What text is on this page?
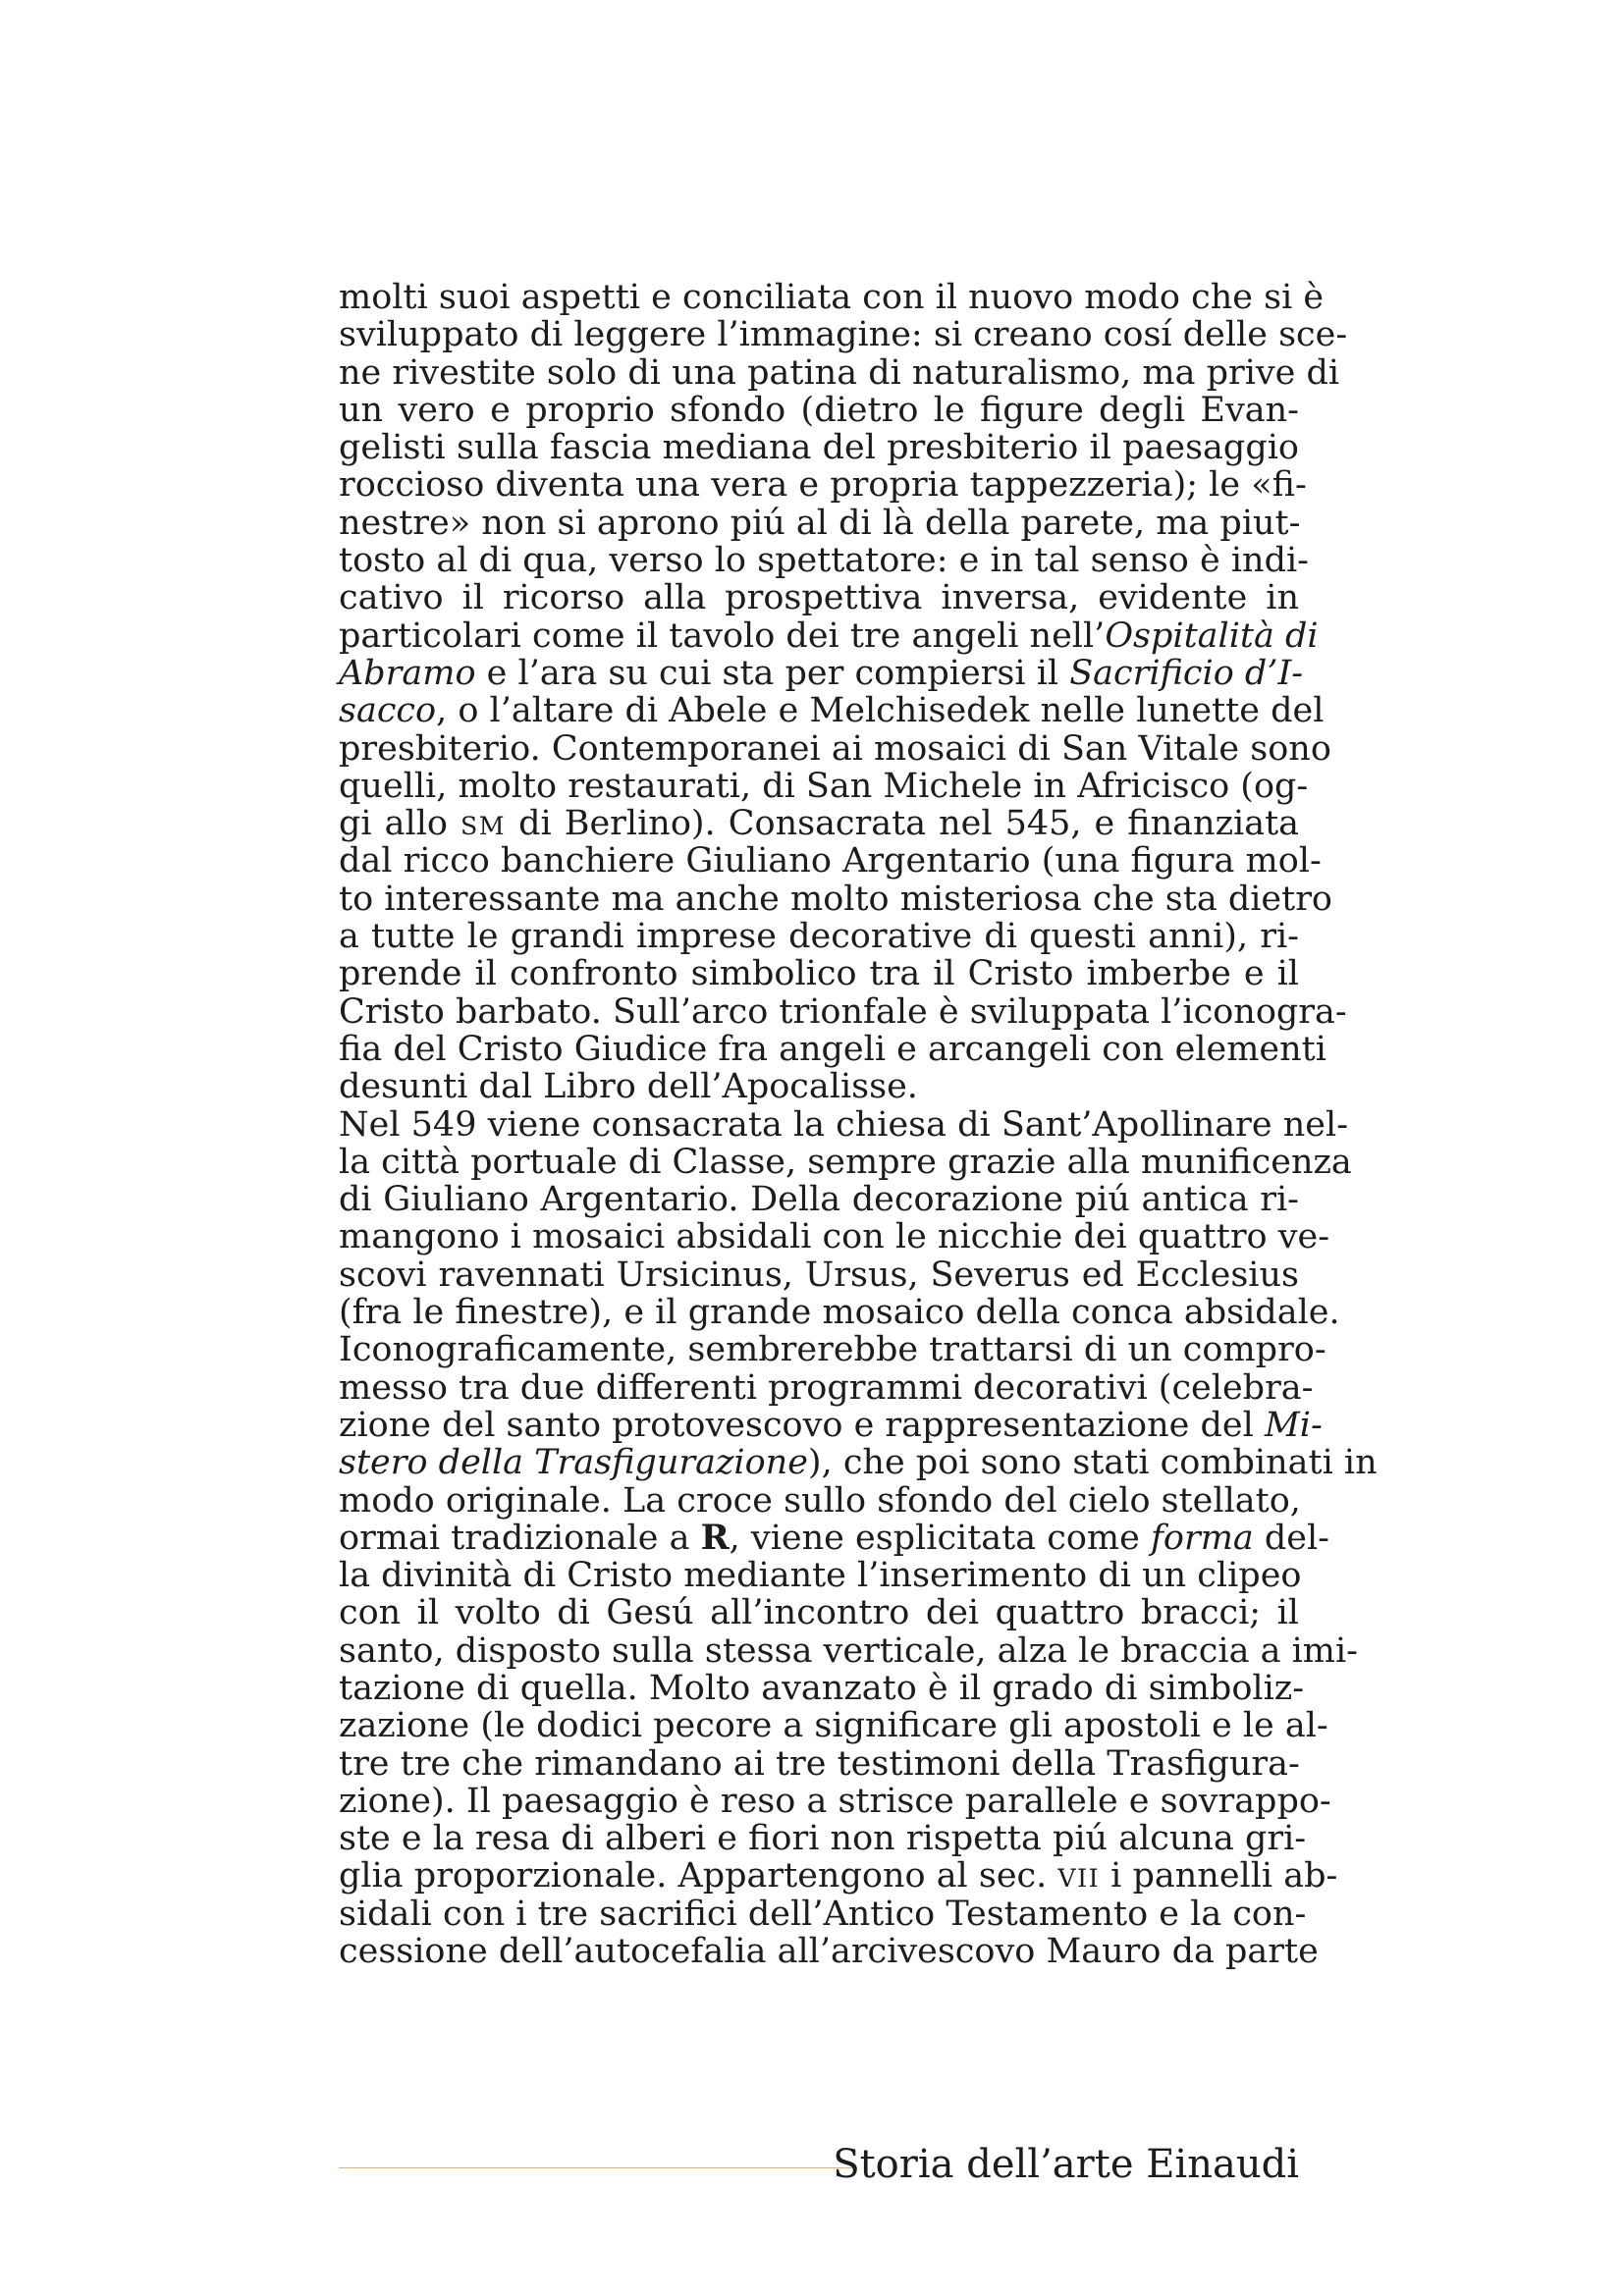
molti suoi aspetti e conciliata con il nuovo modo che si è
sviluppato di leggere l’immagine: si creano cosí delle sce-
ne rivestite solo di una patina di naturalismo, ma prive di
un vero e proprio sfondo (dietro le figure degli Evan-
gelisti sulla fascia mediana del presbiterio il paesaggio
roccioso diventa una vera e propria tappezzeria); le «fi-
nestre» non si aprono piú al di là della parete, ma piut-
tosto al di qua, verso lo spettatore: e in tal senso è indi-
cativo il ricorso alla prospettiva inversa, evidente in
particolari come il tavolo dei tre angeli nell’Ospitalità di
Abramo e l’ara su cui sta per compiersi il Sacrificio d’I-
sacco, o l’altare di Abele e Melchisedek nelle lunette del
presbiterio. Contemporanei ai mosaici di San Vitale sono
quelli, molto restaurati, di San Michele in Africisco (og-
gi allo SM di Berlino). Consacrata nel 545, e finanziata
dal ricco banchiere Giuliano Argentario (una figura mol-
to interessante ma anche molto misteriosa che sta dietro
a tutte le grandi imprese decorative di questi anni), ri-
prende il confronto simbolico tra il Cristo imberbe e il
Cristo barbato. Sull’arco trionfale è sviluppata l’iconogra-
fia del Cristo Giudice fra angeli e arcangeli con elementi
desunti dal Libro dell’Apocalisse.
Nel 549 viene consacrata la chiesa di Sant’Apollinare nel-
la città portuale di Classe, sempre grazie alla munificenza
di Giuliano Argentario. Della decorazione piú antica ri-
mangono i mosaici absidali con le nicchie dei quattro ve-
scovi ravennati Ursicinus, Ursus, Severus ed Ecclesius
(fra le finestre), e il grande mosaico della conca absidale.
Iconograficamente, sembrerebbe trattarsi di un compro-
messo tra due differenti programmi decorativi (celebra-
zione del santo protovescovo e rappresentazione del Mi-
stero della Trasfigurazione), che poi sono stati combinati in
modo originale. La croce sullo sfondo del cielo stellato,
ormai tradizionale a R, viene esplicitata come forma del-
la divinità di Cristo mediante l’inserimento di un clipeo
con il volto di Gesú all’incontro dei quattro bracci; il
santo, disposto sulla stessa verticale, alza le braccia a imi-
tazione di quella. Molto avanzato è il grado di simboliz-
zazione (le dodici pecore a significare gli apostoli e le al-
tre tre che rimandano ai tre testimoni della Trasfigura-
zione). Il paesaggio è reso a strisce parallele e sovrappo-
ste e la resa di alberi e fiori non rispetta piú alcuna gri-
glia proporzionale. Appartengono al sec. VII i pannelli ab-
sidali con i tre sacrifici dell’Antico Testamento e la con-
cessione dell’autocefalia all’arcivescovo Mauro da parte
Storia dell’arte Einaudi
